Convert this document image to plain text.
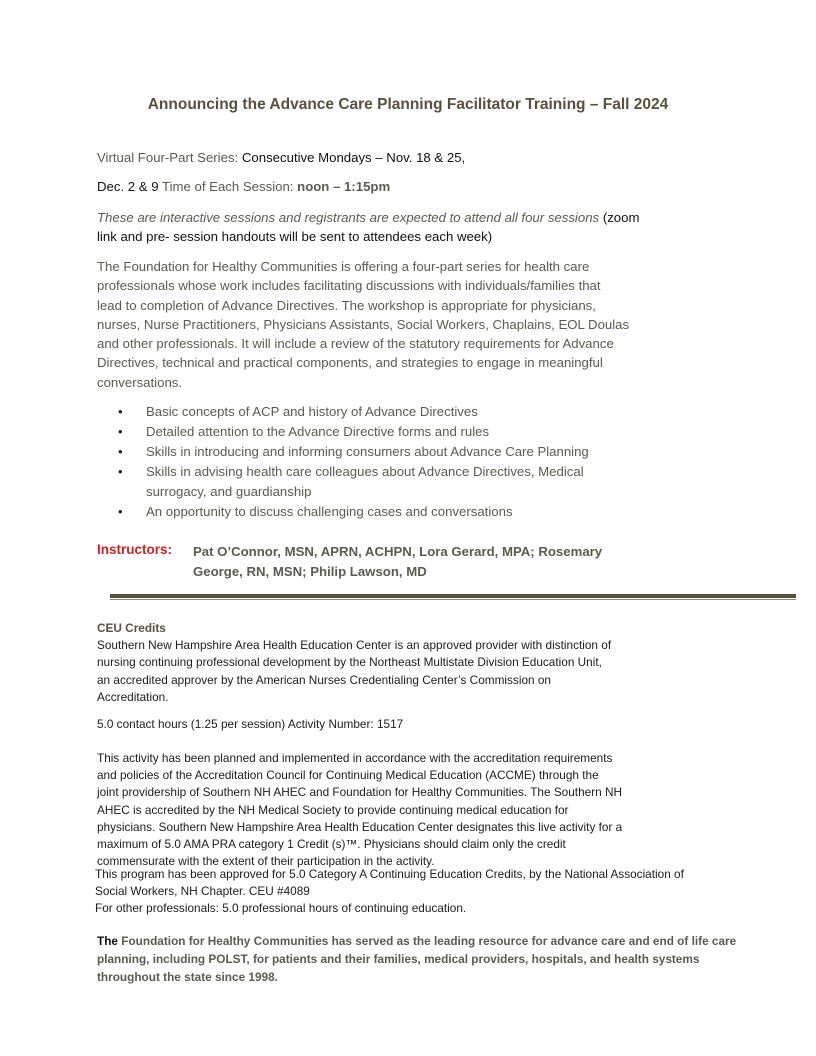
Announcing the Advance Care Planning Facilitator Training – Fall 2024
Virtual Four-Part Series: Consecutive Mondays – Nov. 18 & 25,
Dec. 2 & 9 Time of Each Session: noon – 1:15pm
These are interactive sessions and registrants are expected to attend all four sessions (zoom
link and pre- session handouts will be sent to attendees each week)
The Foundation for Healthy Communities is offering a four-part series for health care
professionals whose work includes facilitating discussions with individuals/families that
lead to completion of Advance Directives. The workshop is appropriate for physicians,
nurses, Nurse Practitioners, Physicians Assistants, Social Workers, Chaplains, EOL Doulas
and other professionals. It will include a review of the statutory requirements for Advance
Directives, technical and practical components, and strategies to engage in meaningful
conversations.
• Basic concepts of ACP and history of Advance Directives
• Detailed attention to the Advance Directive forms and rules
• Skills in introducing and informing consumers about Advance Care Planning
• Skills in advising health care colleagues about Advance Directives, Medical
surrogacy, and guardianship
• An opportunity to discuss challenging cases and conversations
Instructors: Pat O’Connor, MSN, APRN, ACHPN, Lora Gerard, MPA; Rosemary
George, RN, MSN; Philip Lawson, MD
CEU Credits
Southern New Hampshire Area Health Education Center is an approved provider with distinction of
nursing continuing professional development by the Northeast Multistate Division Education Unit,
an accredited approver by the American Nurses Credentialing Center’s Commission on
Accreditation.
5.0 contact hours (1.25 per session) Activity Number: 1517
This activity has been planned and implemented in accordance with the accreditation requirements
and policies of the Accreditation Council for Continuing Medical Education (ACCME) through the
joint providership of Southern NH AHEC and Foundation for Healthy Communities. The Southern NH
AHEC is accredited by the NH Medical Society to provide continuing medical education for
physicians. Southern New Hampshire Area Health Education Center designates this live activity for a
maximum of 5.0 AMA PRA category 1 Credit (s)™. Physicians should claim only the credit
commensurate with the extent of their participation in the activity.
This program has been approved for 5.0 Category A Continuing Education Credits, by the National Association of
Social Workers, NH Chapter. CEU #4089
For other professionals: 5.0 professional hours of continuing education.
The Foundation for Healthy Communities has served as the leading resource for advance care and end of life care
planning, including POLST, for patients and their families, medical providers, hospitals, and health systems
throughout the state since 1998.
